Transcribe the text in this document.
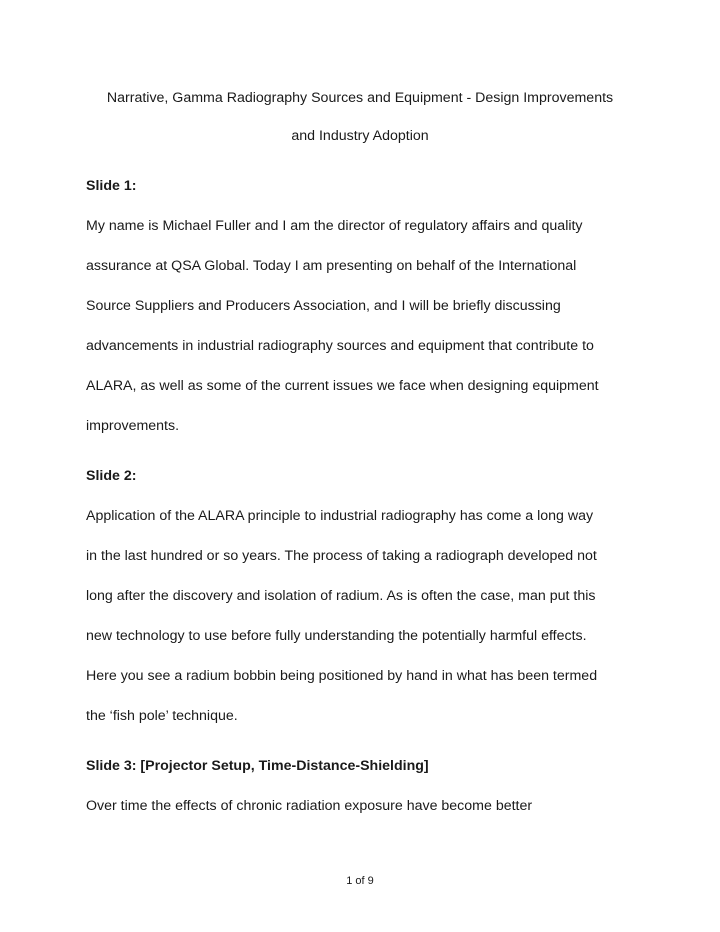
Narrative, Gamma Radiography Sources and Equipment - Design Improvements
and Industry Adoption
Slide 1:
My name is Michael Fuller and I am the director of regulatory affairs and quality
assurance at QSA Global. Today I am presenting on behalf of the International
Source Suppliers and Producers Association, and I will be briefly discussing
advancements in industrial radiography sources and equipment that contribute to
ALARA, as well as some of the current issues we face when designing equipment
improvements.
Slide 2:
Application of the ALARA principle to industrial radiography has come a long way
in the last hundred or so years. The process of taking a radiograph developed not
long after the discovery and isolation of radium. As is often the case, man put this
new technology to use before fully understanding the potentially harmful effects.
Here you see a radium bobbin being positioned by hand in what has been termed
the ‘fish pole’ technique.
Slide 3: [Projector Setup, Time-Distance-Shielding]
Over time the effects of chronic radiation exposure have become better
1 of 9
